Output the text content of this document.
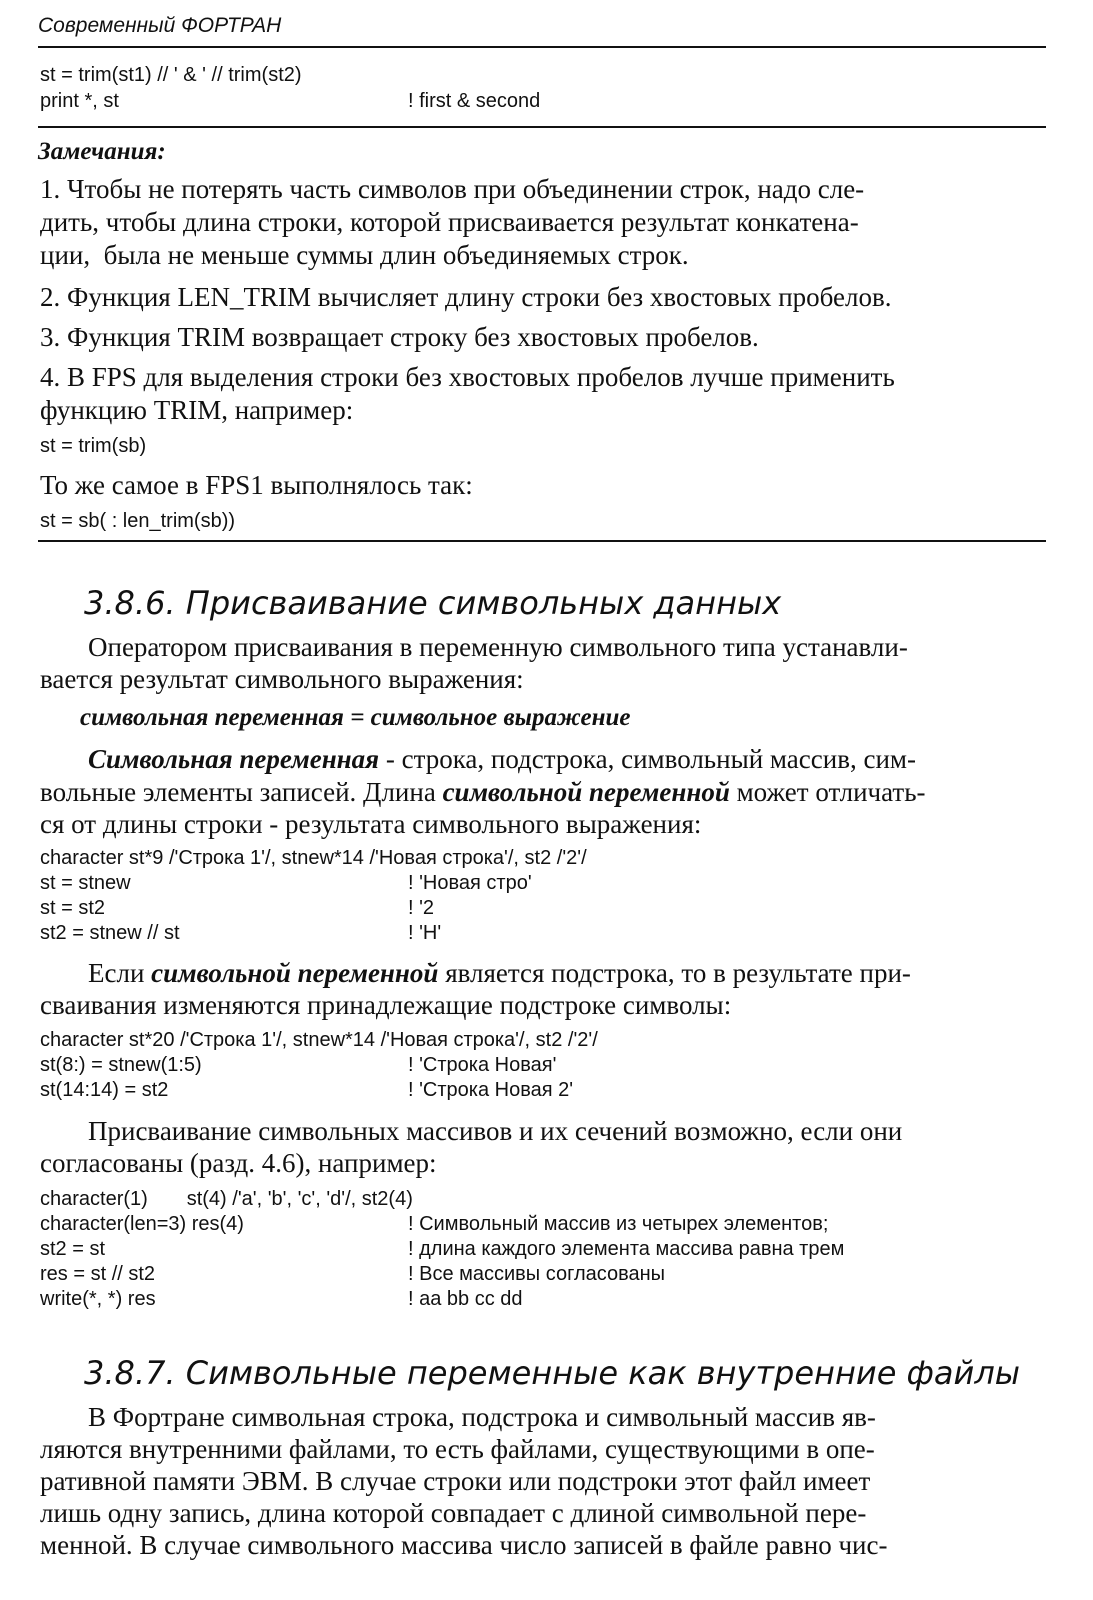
Современный ФОРТРАН
st = trim(st1) // ' & ' // trim(st2)
print *, st	! first & second
Замечания:
1. Чтобы не потерять часть символов при объединении строк, надо сле-
дить, чтобы длина строки, которой присваивается результат конкатена-
ции,  была не меньше суммы длин объединяемых строк.
2. Функция LEN_TRIM вычисляет длину строки без хвостовых пробелов.
3. Функция TRIM возвращает строку без хвостовых пробелов.
4. В FPS для выделения строки без хвостовых пробелов лучше применить
функцию TRIM, например:
st = trim(sb)
То же самое в FPS1 выполнялось так:
st = sb( : len_trim(sb))
3.8.6. Присваивание символьных данных
Оператором присваивания в переменную символьного типа устанавли-
вается результат символьного выражения:
символьная переменная = символьное выражение
Символьная переменная - строка, подстрока, символьный массив, сим-
вольные элементы записей. Длина символьной переменной может отличать-
ся от длины строки - результата символьного выражения:
character st*9 /'Строка 1'/, stnew*14 /'Новая строка'/, st2 /'2'/
st = stnew	! 'Новая стро'
st = st2	! '2
st2 = stnew // st	! 'H'
Если символьной переменной является подстрока, то в результате при-
сваивания изменяются принадлежащие подстроке символы:
character st*20 /'Строка 1'/, stnew*14 /'Новая строка'/, st2 /'2'/
st(8:) = stnew(1:5)	! 'Строка Новая'
st(14:14) = st2	! 'Строка Новая 2'
Присваивание символьных массивов и их сечений возможно, если они
согласованы (разд. 4.6), например:
character(1)       st(4) /'a', 'b', 'c', 'd'/, st2(4)
character(len=3) res(4)	! Символьный массив из четырех элементов;
st2 = st	! длина каждого элемента массива равна трем
res = st // st2	! Все массивы согласованы
write(*, *) res	! aa bb cc dd
3.8.7. Символьные переменные как внутренние файлы
В Фортране символьная строка, подстрока и символьный массив яв-
ляются внутренними файлами, то есть файлами, существующими в опе-
ративной памяти ЭВМ. В случае строки или подстроки этот файл имеет
лишь одну запись, длина которой совпадает с длиной символьной пере-
менной. В случае символьного массива число записей в файле равно чис-
